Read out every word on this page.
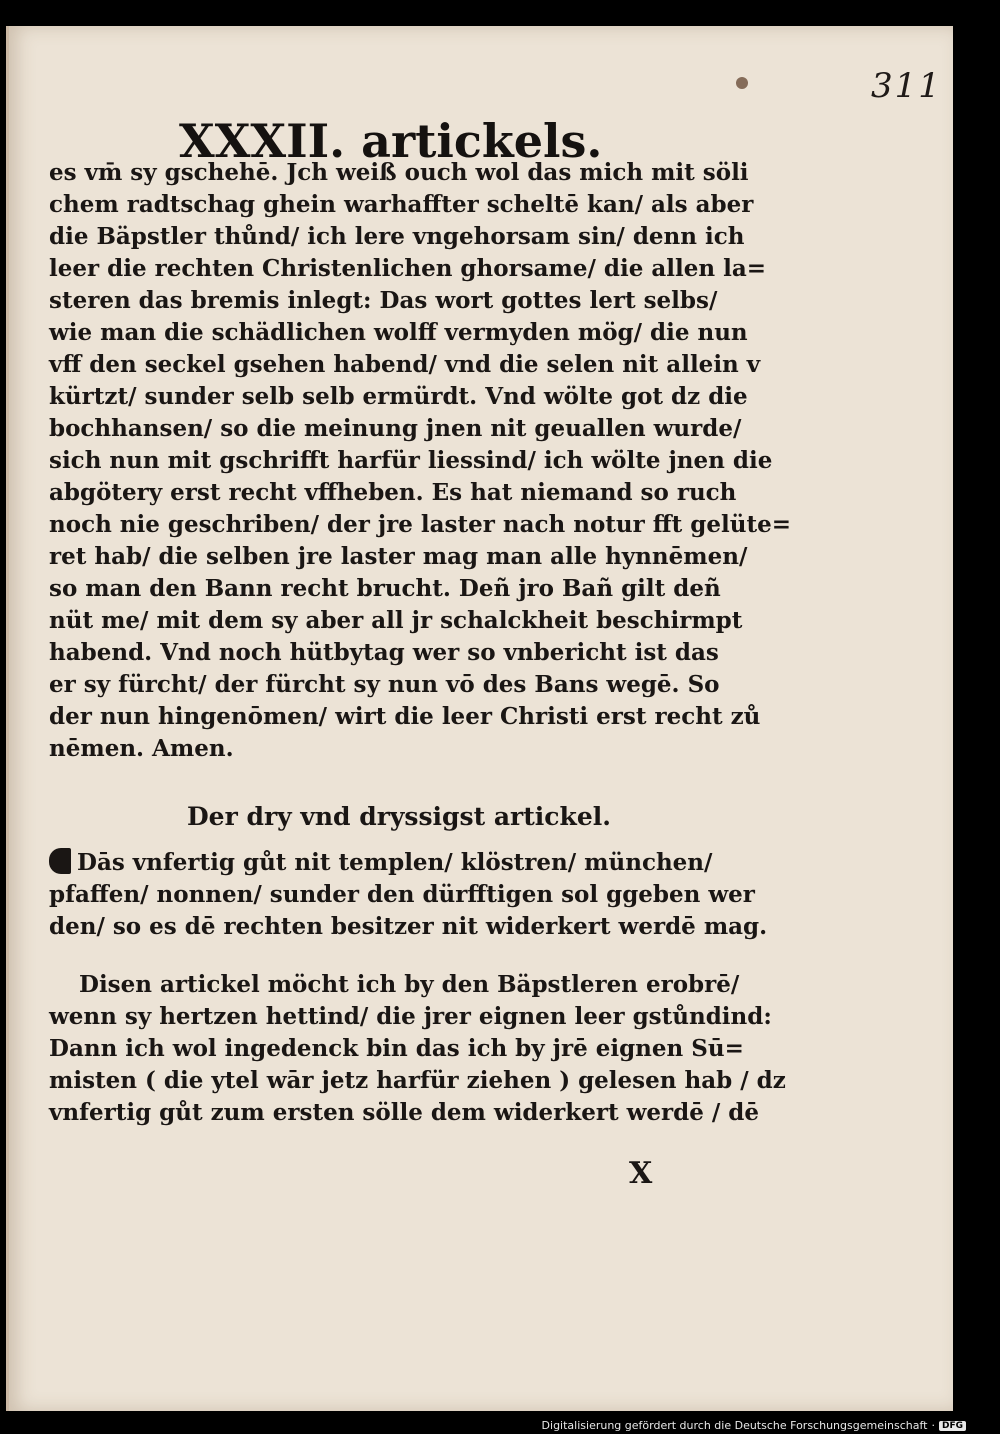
311
XXXII. artickels.
es vm̄ sy gschehē. Jch weiß ouch wol das mich mit söli
chem radtschag ghein warhaffter scheltē kan/ als aber
die Bäpstler thůnd/ ich lere vngehorsam sin/ denn ich
leer die rechten Christenlichen ghorsame/ die allen la=
steren das bremis inlegt: Das wort gottes lert selbs/
wie man die schädlichen wolff vermyden mög/ die nun
vff den seckel gsehen habend/ vnd die selen nit allein v
kürtzt/ sunder selb selb ermürdt. Vnd wölte got dz die
bochhansen/ so die meinung jnen nit geuallen wurde/
sich nun mit gschrifft harfür liessind/ ich wölte jnen die
abgötery erst recht vffheben. Es hat niemand so ruch
noch nie geschriben/ der jre laster nach notur fft gelüte=
ret hab/ die selben jre laster mag man alle hynnēmen/
so man den Bann recht brucht. Deñ jro Bañ gilt deñ
nüt me/ mit dem sy aber all jr schalckheit beschirmpt
habend. Vnd noch hütbytag wer so vnbericht ist das
er sy fürcht/ der fürcht sy nun vō des Bans wegē. So
der nun hingenōmen/ wirt die leer Christi erst recht zů
nēmen. Amen.
Der dry vnd dryssigst artickel.
Dās vnfertig gůt nit templen/ klöstren/ münchen/
pfaffen/ nonnen/ sunder den dürfftigen sol ggeben wer
den/ so es dē rechten besitzer nit widerkert werdē mag.
Disen artickel möcht ich by den Bäpstleren erobrē/
wenn sy hertzen hettind/ die jrer eignen leer gstůndind:
Dann ich wol ingedenck bin das ich by jrē eignen Sū=
misten ( die ytel wār jetz harfür ziehen ) gelesen hab / dz
vnfertig gůt zum ersten sölle dem widerkert werdē / dē
X
Digitalisierung gefördert durch die Deutsche Forschungsgemeinschaft · DFG
